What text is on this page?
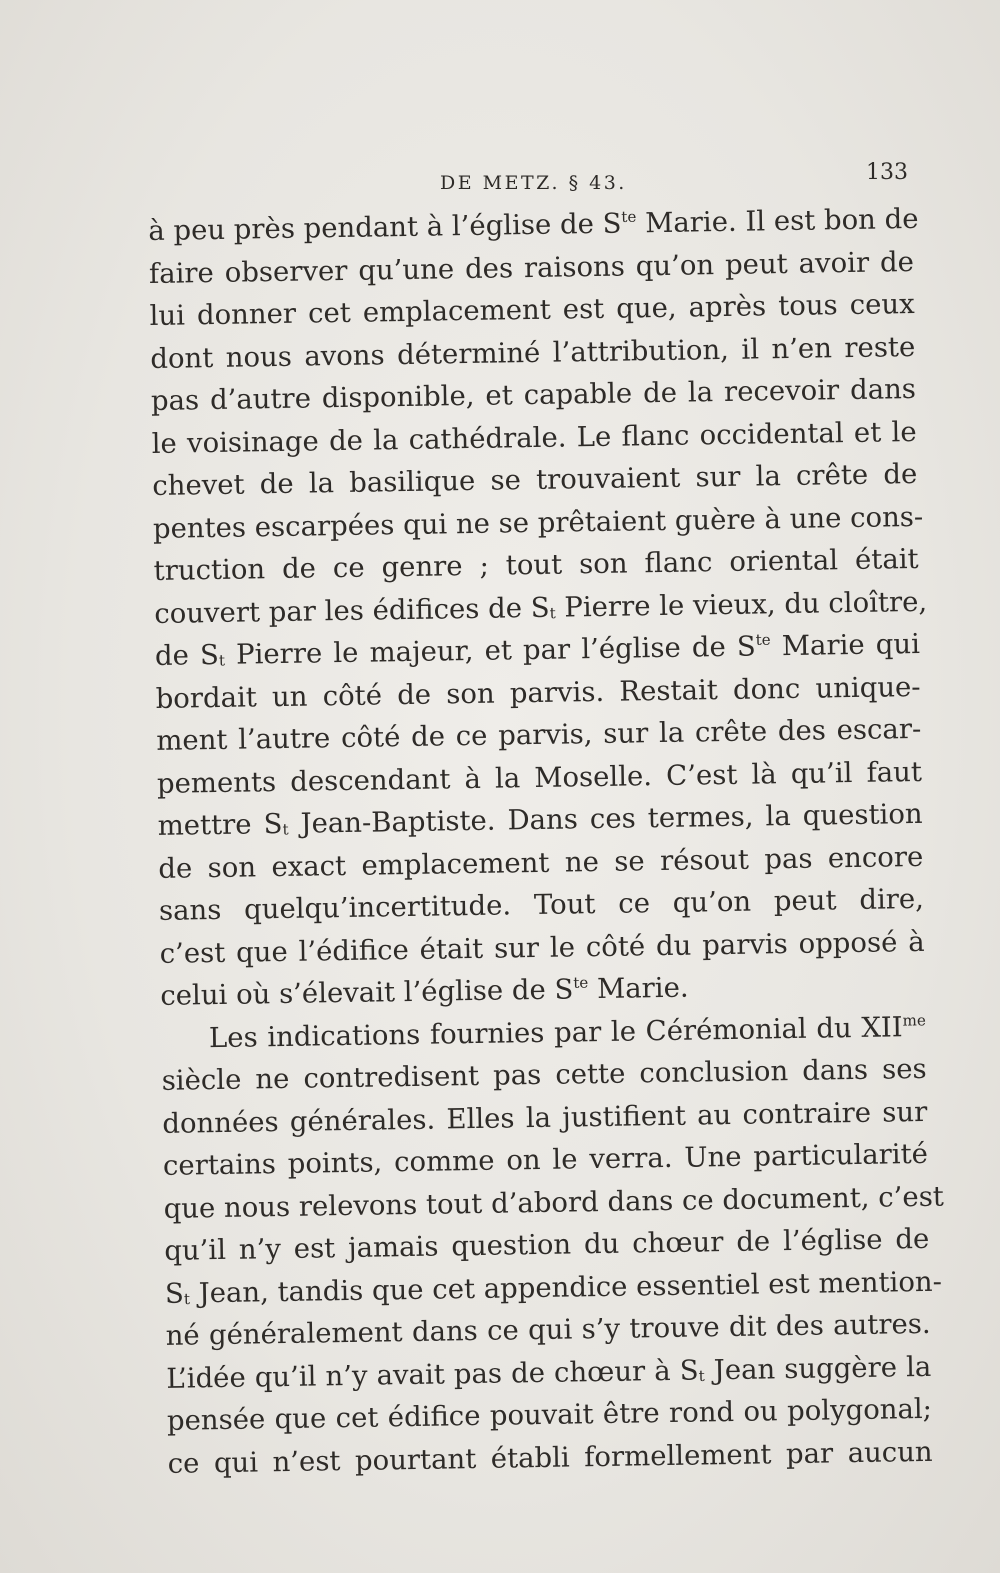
DE METZ. § 43.	133
à peu près pendant à l’église de $S^{te}$ Marie. Il est bon de
faire observer qu’une des raisons qu’on peut avoir de
lui donner cet emplacement est que, après tous ceux
dont nous avons déterminé l’attribution, il n’en reste
pas d’autre disponible, et capable de la recevoir dans
le voisinage de la cathédrale. Le flanc occidental et le
chevet de la basilique se trouvaient sur la crête de
pentes escarpées qui ne se prêtaient guère à une cons-
truction de ce genre ; tout son flanc oriental était
couvert par les édifices de $S_t$ Pierre le vieux, du cloître,
de $S_t$ Pierre le majeur, et par l’église de $S^{te}$ Marie qui
bordait un côté de son parvis. Restait donc unique-
ment l’autre côté de ce parvis, sur la crête des escar-
pements descendant à la Moselle. C’est là qu’il faut
mettre $S_t$ Jean-Baptiste. Dans ces termes, la question
de son exact emplacement ne se résout pas encore
sans quelqu’incertitude. Tout ce qu’on peut dire,
c’est que l’édifice était sur le côté du parvis opposé à
celui où s’élevait l’église de $S^{te}$ Marie.
Les indications fournies par le Cérémonial du $XII^{me}$
siècle ne contredisent pas cette conclusion dans ses
données générales. Elles la justifient au contraire sur
certains points, comme on le verra. Une particularité
que nous relevons tout d’abord dans ce document, c’est
qu’il n’y est jamais question du chœur de l’église de
$S_t$ Jean, tandis que cet appendice essentiel est mention-
né généralement dans ce qui s’y trouve dit des autres.
L’idée qu’il n’y avait pas de chœur à $S_t$ Jean suggère la
pensée que cet édifice pouvait être rond ou polygonal;
ce qui n’est pourtant établi formellement par aucun
